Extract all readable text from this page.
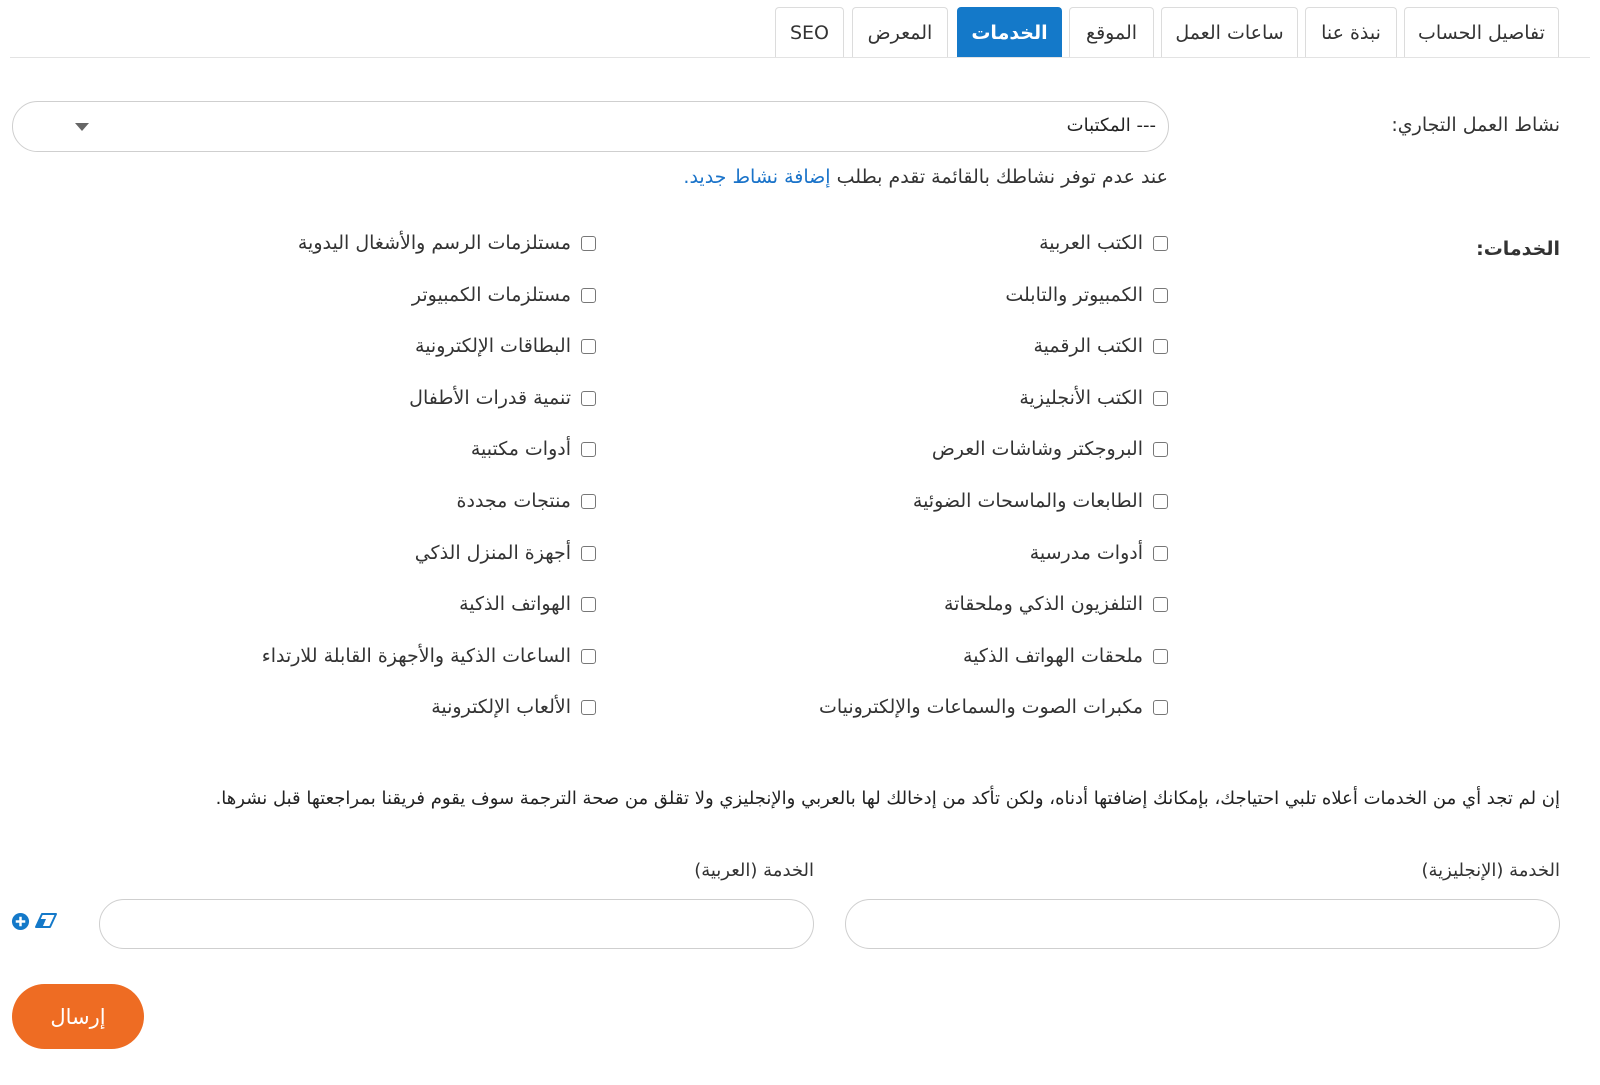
تفاصيل الحساب
نبذة عنا
ساعات العمل
الموقع
الخدمات
المعرض
SEO
نشاط العمل التجاري:
--- المكتبات
عند عدم توفر نشاطك بالقائمة تقدم بطلب إضافة نشاط جديد.
الخدمات:
الكتب العربية
الكمبيوتر والتابلت
الكتب الرقمية
الكتب الأنجليزية
البروجكتر وشاشات العرض
الطابعات والماسحات الضوئية
أدوات مدرسية
التلفزيون الذكي وملحقاتة
ملحقات الهواتف الذكية
مكبرات الصوت والسماعات والإلكترونيات
مستلزمات الرسم والأشغال اليدوية
مستلزمات الكمبيوتر
البطاقات الإلكترونية
تنمية قدرات الأطفال
أدوات مكتبية
منتجات مجددة
أجهزة المنزل الذكي
الهواتف الذكية
الساعات الذكية والأجهزة القابلة للارتداء
الألعاب الإلكترونية
إن لم تجد أي من الخدمات أعلاه تلبي احتياجك، بإمكانك إضافتها أدناه، ولكن تأكد من إدخالك لها بالعربي والإنجليزي ولا تقلق من صحة الترجمة سوف يقوم فريقنا بمراجعتها قبل نشرها.
الخدمة (الإنجليزية)
الخدمة (العربية)
إرسال
